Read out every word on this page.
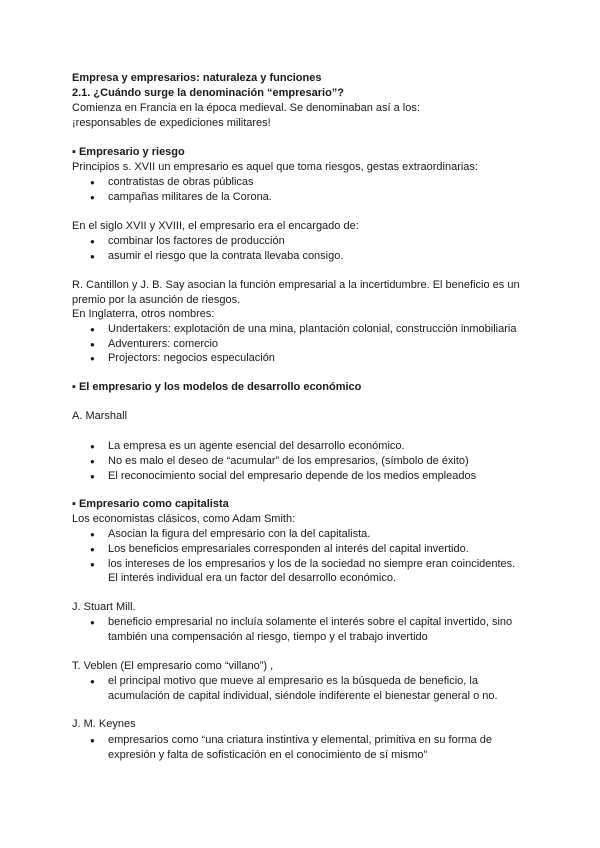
Empresa y empresarios: naturaleza y funciones
2.1. ¿Cuándo surge la denominación “empresario”?
Comienza en Francia en la época medieval. Se denominaban así a los:
¡responsables de expediciones militares!
▪ Empresario y riesgo
Principios s. XVII un empresario es aquel que toma riesgos, gestas extraordinarias:
● contratistas de obras públicas
● campañas militares de la Corona.
En el siglo XVII y XVIII, el empresario era el encargado de:
● combinar los factores de producción
● asumir el riesgo que la contrata llevaba consigo.
R. Cantillon y J. B. Say asocian la función empresarial a la incertidumbre. El beneficio es un
premio por la asunción de riesgos.
En Inglaterra, otros nombres:
● Undertakers: explotación de una mina, plantación colonial, construcción inmobiliaria
● Adventurers: comercio
● Projectors: negocios especulación
▪ El empresario y los modelos de desarrollo económico
A. Marshall
● La empresa es un agente esencial del desarrollo económico.
● No es malo el deseo de “acumular” de los empresarios, (símbolo de éxito)
● El reconocimiento social del empresario depende de los medios empleados
▪ Empresario como capitalista
Los economistas clásicos, como Adam Smith:
● Asocian la figura del empresario con la del capitalista.
● Los beneficios empresariales corresponden al interés del capital invertido.
● los intereses de los empresarios y los de la sociedad no siempre eran coincidentes.
El interés individual era un factor del desarrollo económico.
J. Stuart Mill.
● beneficio empresarial no incluía solamente el interés sobre el capital invertido, sino
también una compensación al riesgo, tiempo y el trabajo invertido
T. Veblen (El empresario como “villano”) ,
● el principal motivo que mueve al empresario es la búsqueda de beneficio, la
acumulación de capital individual, siéndole indiferente el bienestar general o no.
J. M. Keynes
● empresarios como “una criatura instintiva y elemental, primitiva en su forma de
expresión y falta de sofisticación en el conocimiento de sí mismo”
